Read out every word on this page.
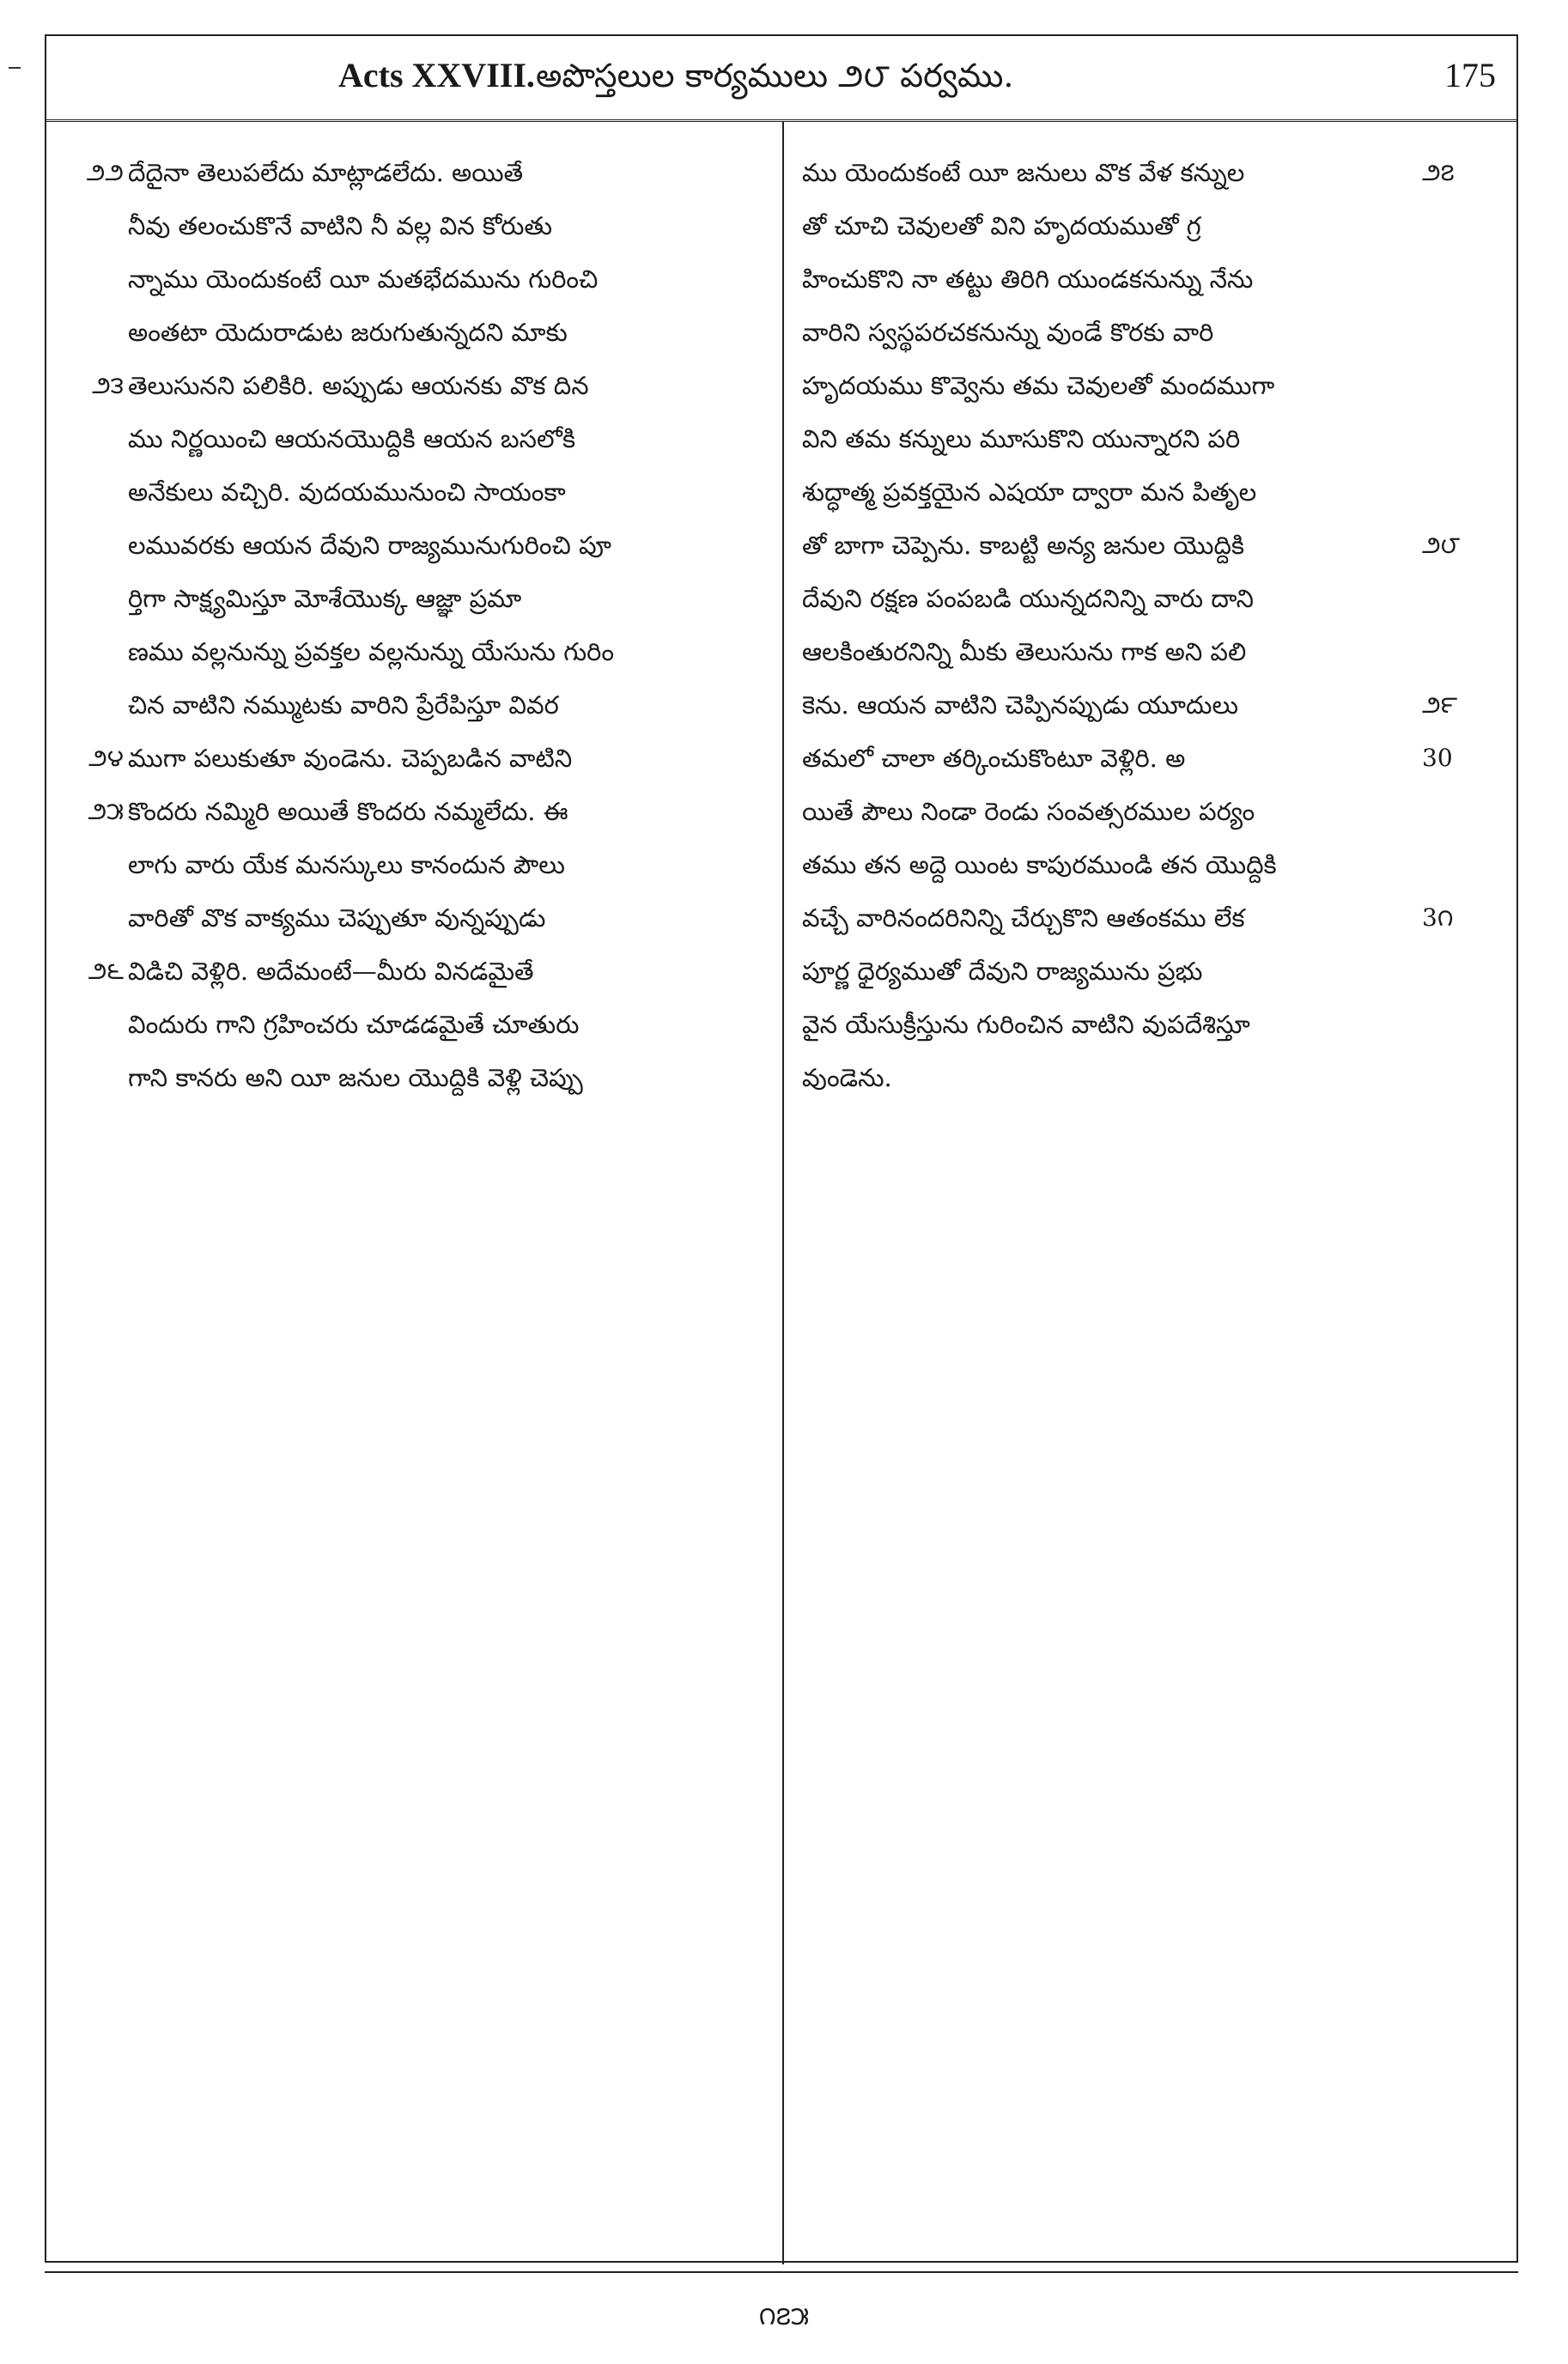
Acts XXVIII. అపొస్తలుల కార్యములు ౨౮ పర్వము.	175
దేదైనా తెలుపలేదు మాట్లాడలేదు. అయితే
నీవు తలంచుకొనే వాటిని నీ వల్ల విన కోరుతు
న్నాము యెందుకంటే యీ మతభేదమును గురించి
అంతటా యెదురాడుట జరుగుతున్నదని మాకు
తెలుసునని పలికిరి. అప్పుడు ఆయనకు వొక దిన
ము నిర్ణయించి ఆయనయొద్దికి ఆయన బసలోకి
అనేకులు వచ్చిరి. వుదయమునుంచి సాయంకా
లమువరకు ఆయన దేవుని రాజ్యమునుగురించి పూ
ర్తిగా సాక్ష్యమిస్తూ మోశేయొక్క ఆజ్ఞా ప్రమా
ణము వల్లనున్ను ప్రవక్తల వల్లనున్ను యేసును గురిం
చిన వాటిని నమ్ముటకు వారిని ప్రేరేపిస్తూ వివర
ముగా పలుకుతూ వుండెను. చెప్పబడిన వాటిని
కొందరు నమ్మిరి అయితే కొందరు నమ్మలేదు. ఈ
లాగు వారు యేక మనస్కులు కానందున పౌలు
వారితో వొక వాక్యము చెప్పుతూ వున్నప్పుడు
విడిచి వెళ్లిరి. అదేమంటే—మీరు వినడమైతే
విందురు గాని గ్రహించరు చూడడమైతే చూతురు
గాని కానరు అని యీ జనుల యొద్దికి వెళ్లి చెప్పు
౨౨
౨౩
౨౪
౨౫
౨౬
ము యెందుకంటే యీ జనులు వొక వేళ కన్నుల
తో చూచి చెవులతో విని హృదయముతో గ్ర
హించుకొని నా తట్టు తిరిగి యుండకనున్ను నేను
వారిని స్వస్థపరచకనున్ను వుండే కొరకు వారి
హృదయము కొవ్వెను తమ చెవులతో మందముగా
విని తమ కన్నులు మూసుకొని యున్నారని పరి
శుద్ధాత్మ ప్రవక్తయైన ఎషయా ద్వారా మన పితృల
తో బాగా చెప్పెను. కాబట్టి అన్య జనుల యొద్దికి
దేవుని రక్షణ పంపబడి యున్నదనిన్ని వారు దాని
ఆలకింతురనిన్ని మీకు తెలుసును గాక అని పలి
కెను. ఆయన వాటిని చెప్పినప్పుడు యూదులు
తమలో చాలా తర్కించుకొంటూ వెళ్లిరి. అ
యితే పౌలు నిండా రెండు సంవత్సరముల పర్యం
తము తన అద్దె యింట కాపురముండి తన యొద్దికి
వచ్చే వారినందరినిన్ని చేర్చుకొని ఆతంకము లేక
పూర్ణ ధైర్యముతో దేవుని రాజ్యమును ప్రభు
వైన యేసుక్రీస్తును గురించిన వాటిని వుపదేశిస్తూ
వుండెను.
౨౭
౨౮
౨౯
30
3౧
౧౭౫
